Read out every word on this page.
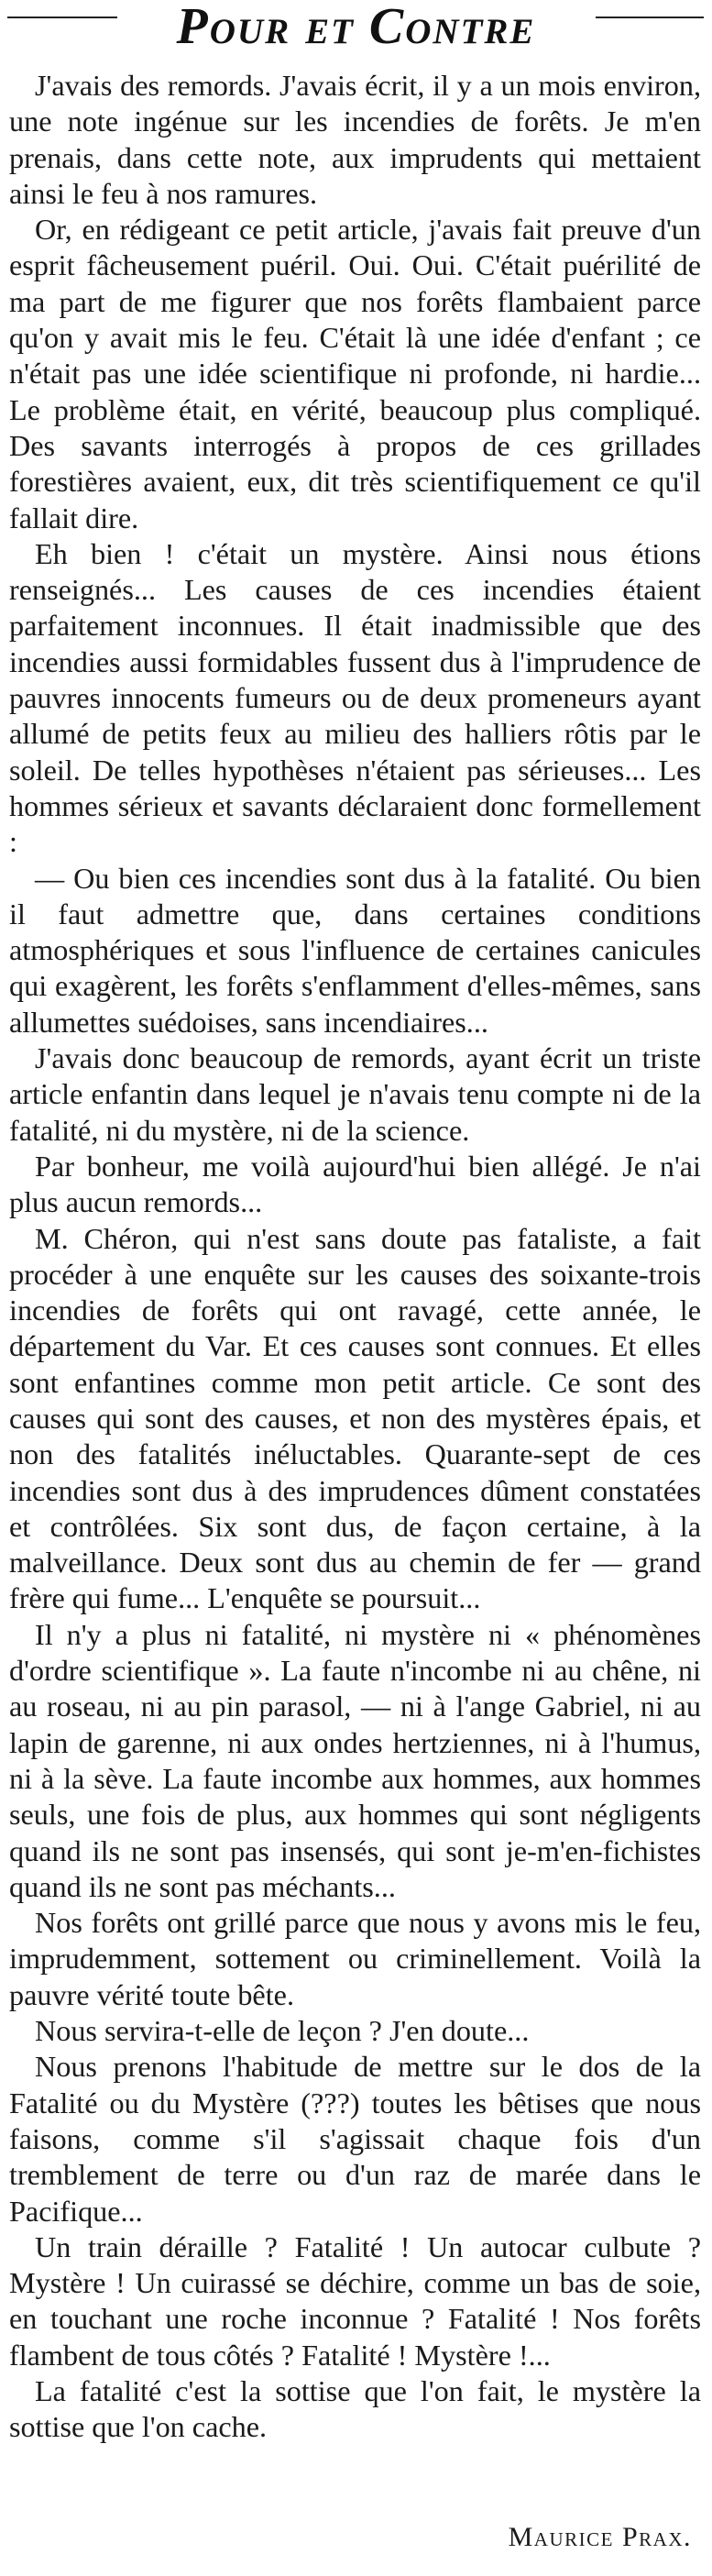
Pour et Contre

J'avais des remords. J'avais écrit, il y a un mois environ, une note ingénue sur les incendies de forêts. Je m'en prenais, dans cette note, aux imprudents qui mettaient ainsi le feu à nos ramures.

Or, en rédigeant ce petit article, j'avais fait preuve d'un esprit fâcheusement puéril. Oui. Oui. C'était puérilité de ma part de me figurer que nos forêts flambaient parce qu'on y avait mis le feu. C'était là une idée d'enfant ; ce n'était pas une idée scientifique ni profonde, ni hardie... Le problème était, en vérité, beaucoup plus compliqué. Des savants interrogés à propos de ces grillades forestières avaient, eux, dit très scientifiquement ce qu'il fallait dire.

Eh bien ! c'était un mystère. Ainsi nous étions renseignés... Les causes de ces incendies étaient parfaitement inconnues. Il était inadmissible que des incendies aussi formidables fussent dus à l'imprudence de pauvres innocents fumeurs ou de deux promeneurs ayant allumé de petits feux au milieu des halliers rôtis par le soleil. De telles hypothèses n'étaient pas sérieuses... Les hommes sérieux et savants déclaraient donc formellement :

— Ou bien ces incendies sont dus à la fatalité. Ou bien il faut admettre que, dans certaines conditions atmosphériques et sous l'influence de certaines canicules qui exagèrent, les forêts s'enflamment d'elles-mêmes, sans allumettes suédoises, sans incendiaires...

J'avais donc beaucoup de remords, ayant écrit un triste article enfantin dans lequel je n'avais tenu compte ni de la fatalité, ni du mystère, ni de la science.

Par bonheur, me voilà aujourd'hui bien allégé. Je n'ai plus aucun remords...

M. Chéron, qui n'est sans doute pas fataliste, a fait procéder à une enquête sur les causes des soixante-trois incendies de forêts qui ont ravagé, cette année, le département du Var. Et ces causes sont connues. Et elles sont enfantines comme mon petit article. Ce sont des causes qui sont des causes, et non des mystères épais, et non des fatalités inéluctables. Quarante-sept de ces incendies sont dus à des imprudences dûment constatées et contrôlées. Six sont dus, de façon certaine, à la malveillance. Deux sont dus au chemin de fer — grand frère qui fume... L'enquête se poursuit...

Il n'y a plus ni fatalité, ni mystère ni « phénomènes d'ordre scientifique ». La faute n'incombe ni au chêne, ni au roseau, ni au pin parasol, — ni à l'ange Gabriel, ni au lapin de garenne, ni aux ondes hertziennes, ni à l'humus, ni à la sève. La faute incombe aux hommes, aux hommes seuls, une fois de plus, aux hommes qui sont négligents quand ils ne sont pas insensés, qui sont je-m'en-fichistes quand ils ne sont pas méchants...

Nos forêts ont grillé parce que nous y avons mis le feu, imprudemment, sottement ou criminellement. Voilà la pauvre vérité toute bête.

Nous servira-t-elle de leçon ? J'en doute...

Nous prenons l'habitude de mettre sur le dos de la Fatalité ou du Mystère (???) toutes les bêtises que nous faisons, comme s'il s'agissait chaque fois d'un tremblement de terre ou d'un raz de marée dans le Pacifique...

Un train déraille ? Fatalité ! Un autocar culbute ? Mystère ! Un cuirassé se déchire, comme un bas de soie, en touchant une roche inconnue ? Fatalité ! Nos forêts flambent de tous côtés ? Fatalité ! Mystère !...

La fatalité c'est la sottise que l'on fait, le mystère la sottise que l'on cache.

Maurice Prax.
